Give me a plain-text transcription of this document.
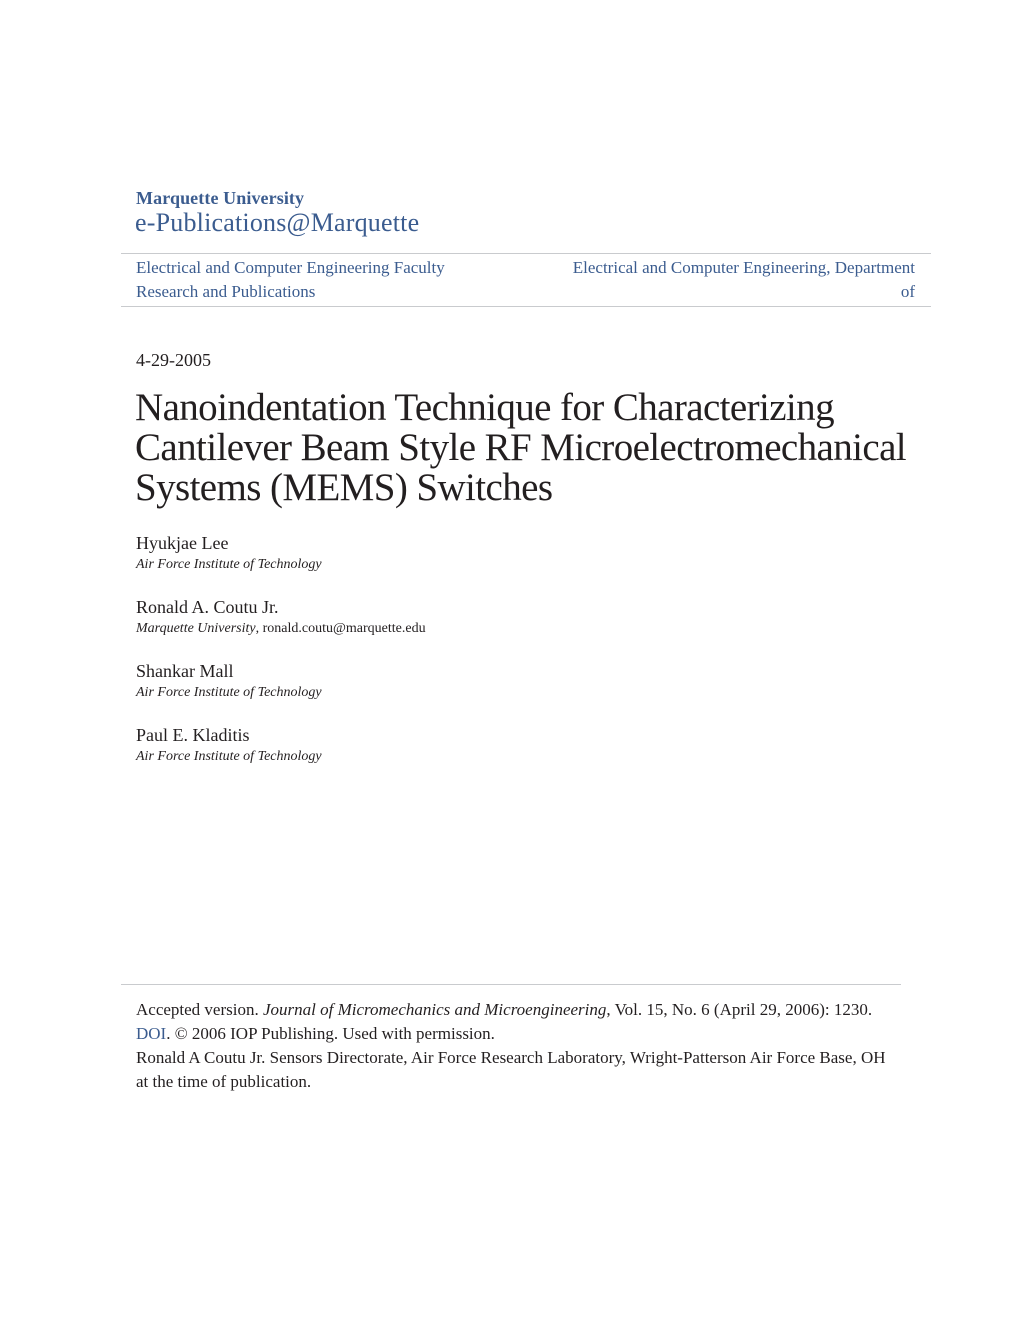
Marquette University
e-Publications@Marquette
Electrical and Computer Engineering Faculty
Research and Publications
Electrical and Computer Engineering, Department
of
4-29-2005
Nanoindentation Technique for Characterizing
Cantilever Beam Style RF Microelectromechanical
Systems (MEMS) Switches
Hyukjae Lee
Air Force Institute of Technology
Ronald A. Coutu Jr.
Marquette University, ronald.coutu@marquette.edu
Shankar Mall
Air Force Institute of Technology
Paul E. Kladitis
Air Force Institute of Technology
Accepted version. Journal of Micromechanics and Microengineering, Vol. 15, No. 6 (April 29, 2006): 1230. DOI. © 2006 IOP Publishing. Used with permission.
Ronald A Coutu Jr. Sensors Directorate, Air Force Research Laboratory, Wright-Patterson Air Force Base, OH at the time of publication.
